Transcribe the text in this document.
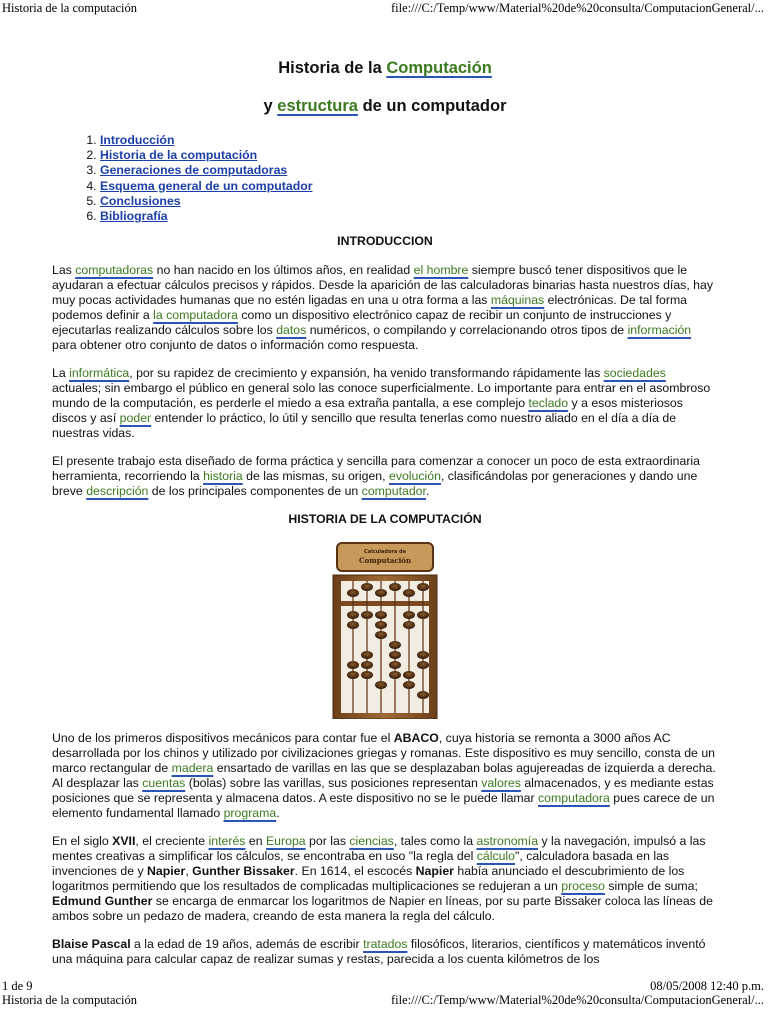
Historia de la computación	file:///C:/Temp/www/Material%20de%20consulta/ComputacionGeneral/...
Historia de la Computación
y estructura de un computador
1. Introducción
2. Historia de la computación
3. Generaciones de computadoras
4. Esquema general de un computador
5. Conclusiones
6. Bibliografía
INTRODUCCION

Las computadoras no han nacido en los últimos años, en realidad el hombre siempre buscó tener dispositivos que le ayudaran a efectuar cálculos precisos y rápidos. Desde la aparición de las calculadoras binarias hasta nuestros días, hay muy pocas actividades humanas que no estén ligadas en una u otra forma a las máquinas electrónicas. De tal forma podemos definir a la computadora como un dispositivo electrónico capaz de recibir un conjunto de instrucciones y ejecutarlas realizando cálculos sobre los datos numéricos, o compilando y correlacionando otros tipos de información para obtener otro conjunto de datos o información como respuesta.

La informática, por su rapidez de crecimiento y expansión, ha venido transformando rápidamente las sociedades actuales; sin embargo el público en general solo las conoce superficialmente. Lo importante para entrar en el asombroso mundo de la computación, es perderle el miedo a esa extraña pantalla, a ese complejo teclado y a esos misteriosos discos y así poder entender lo práctico, lo útil y sencillo que resulta tenerlas como nuestro aliado en el día a día de nuestras vidas.

El presente trabajo esta diseñado de forma práctica y sencilla para comenzar a conocer un poco de esta extraordinaria herramienta, recorriendo la historia de las mismas, su origen, evolución, clasificándolas por generaciones y dando une breve descripción de los principales componentes de un computador.

HISTORIA DE LA COMPUTACIÓN
Calculadora de
Computación

Uno de los primeros dispositivos mecánicos para contar fue el ABACO, cuya historia se remonta a 3000 años AC desarrollada por los chinos y utilizado por civilizaciones griegas y romanas. Este dispositivo es muy sencillo, consta de un marco rectangular de madera ensartado de varillas en las que se desplazaban bolas agujereadas de izquierda a derecha. Al desplazar las cuentas (bolas) sobre las varillas, sus posiciones representan valores almacenados, y es mediante estas posiciones que se representa y almacena datos. A este dispositivo no se le puede llamar computadora pues carece de un elemento fundamental llamado programa.

En el siglo XVII, el creciente interés en Europa por las ciencias, tales como la astronomía y la navegación, impulsó a las mentes creativas a simplificar los cálculos, se encontraba en uso "la regla del cálculo", calculadora basada en las invenciones de y Napier, Gunther Bissaker. En 1614, el escocés Napier había anunciado el descubrimiento de los logaritmos permitiendo que los resultados de complicadas multiplicaciones se redujeran a un proceso simple de suma; Edmund Gunther se encarga de enmarcar los logaritmos de Napier en líneas, por su parte Bissaker coloca las líneas de ambos sobre un pedazo de madera, creando de esta manera la regla del cálculo.

Blaise Pascal a la edad de 19 años, además de escribir tratados filosóficos, literarios, científicos y matemáticos inventó una máquina para calcular capaz de realizar sumas y restas, parecida a los cuenta kilómetros de los

1 de 9	08/05/2008 12:40 p.m.
Historia de la computación	file:///C:/Temp/www/Material%20de%20consulta/ComputacionGeneral/...
